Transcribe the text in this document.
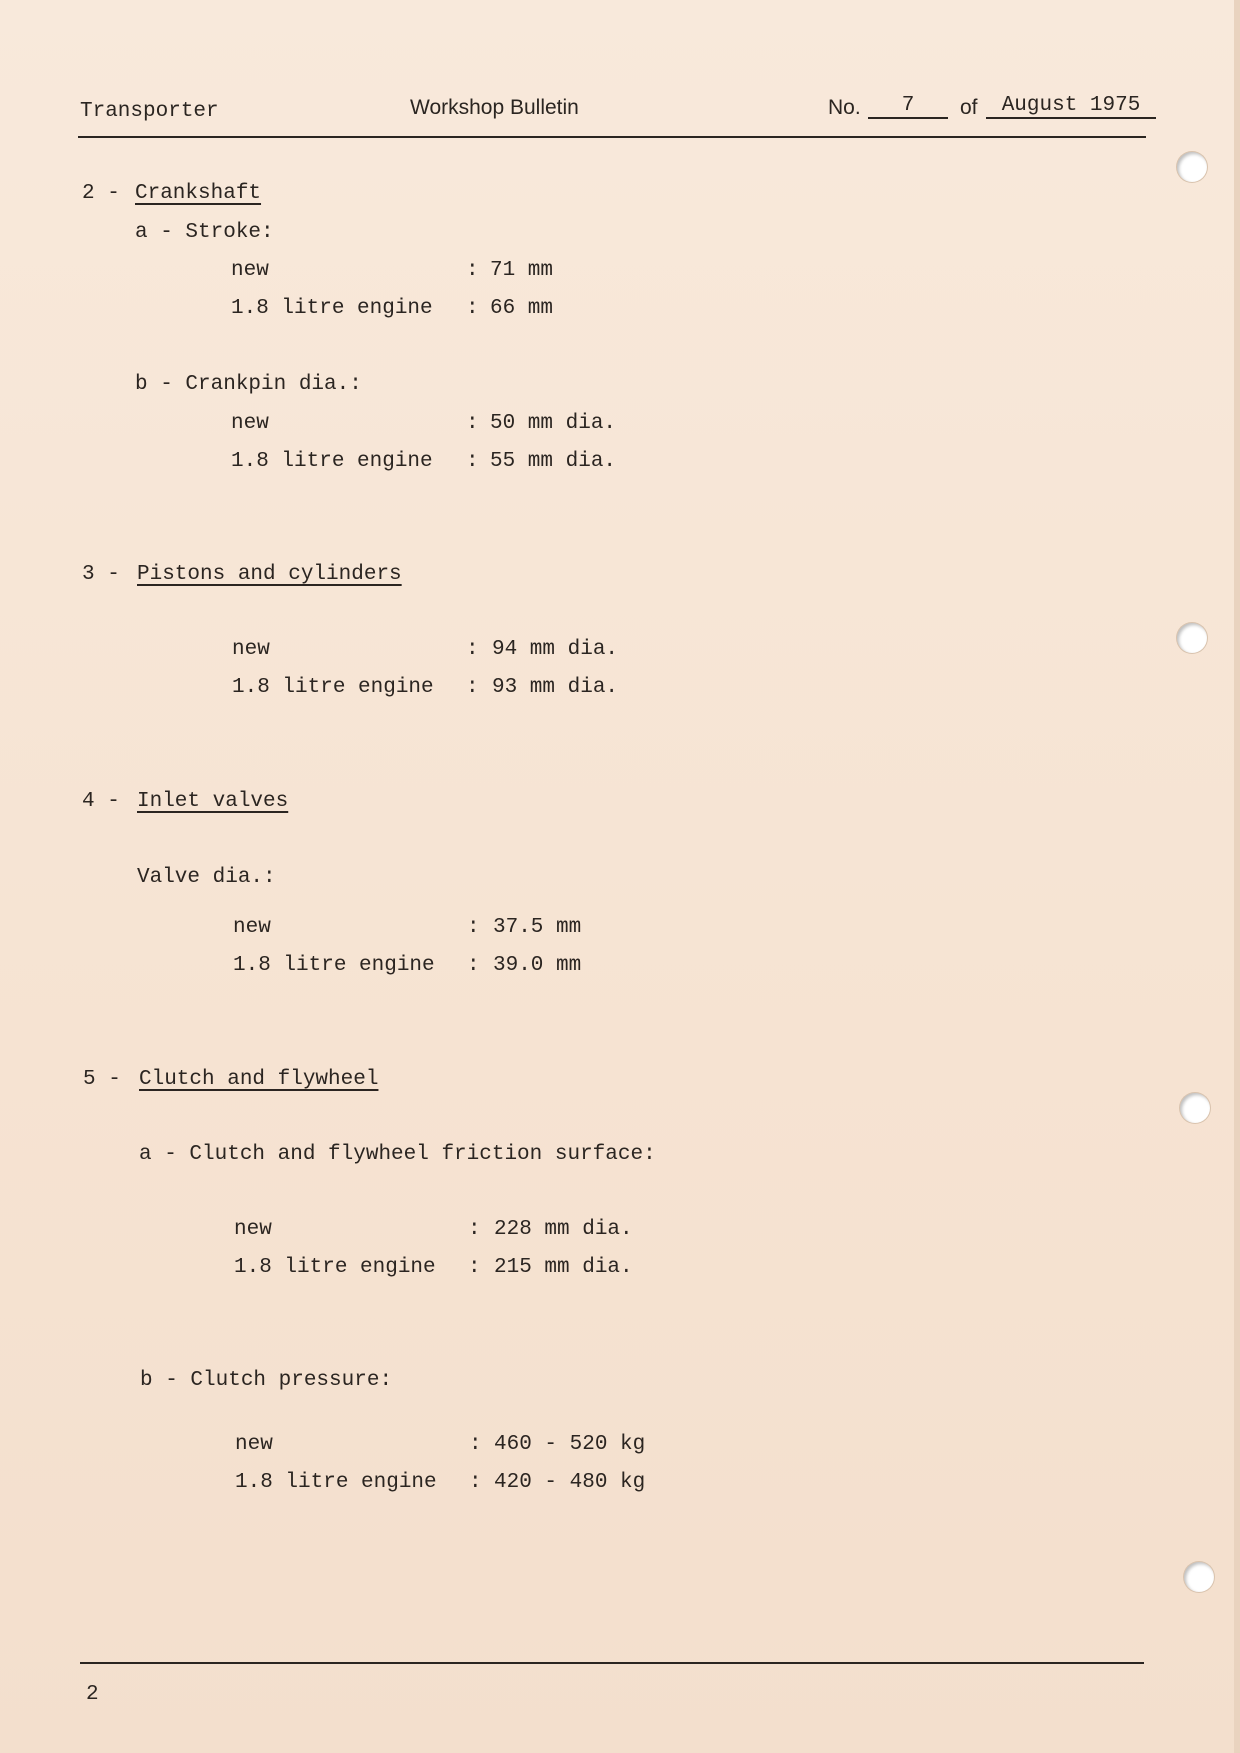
Transporter	Workshop Bulletin	No.	7	of	August 1975
2 - Crankshaft
a - Stroke:
new	: 71 mm
1.8 litre engine : 66 mm
b - Crankpin dia.:
new	: 50 mm dia.
1.8 litre engine : 55 mm dia.
3 - Pistons and cylinders
new	: 94 mm dia.
1.8 litre engine : 93 mm dia.
4 - Inlet valves
Valve dia.:
new	: 37.5 mm
1.8 litre engine : 39.0 mm
5 - Clutch and flywheel
a - Clutch and flywheel friction surface:
new	: 228 mm dia.
1.8 litre engine : 215 mm dia.
b - Clutch pressure:
new	: 460 - 520 kg
1.8 litre engine : 420 - 480 kg
2
